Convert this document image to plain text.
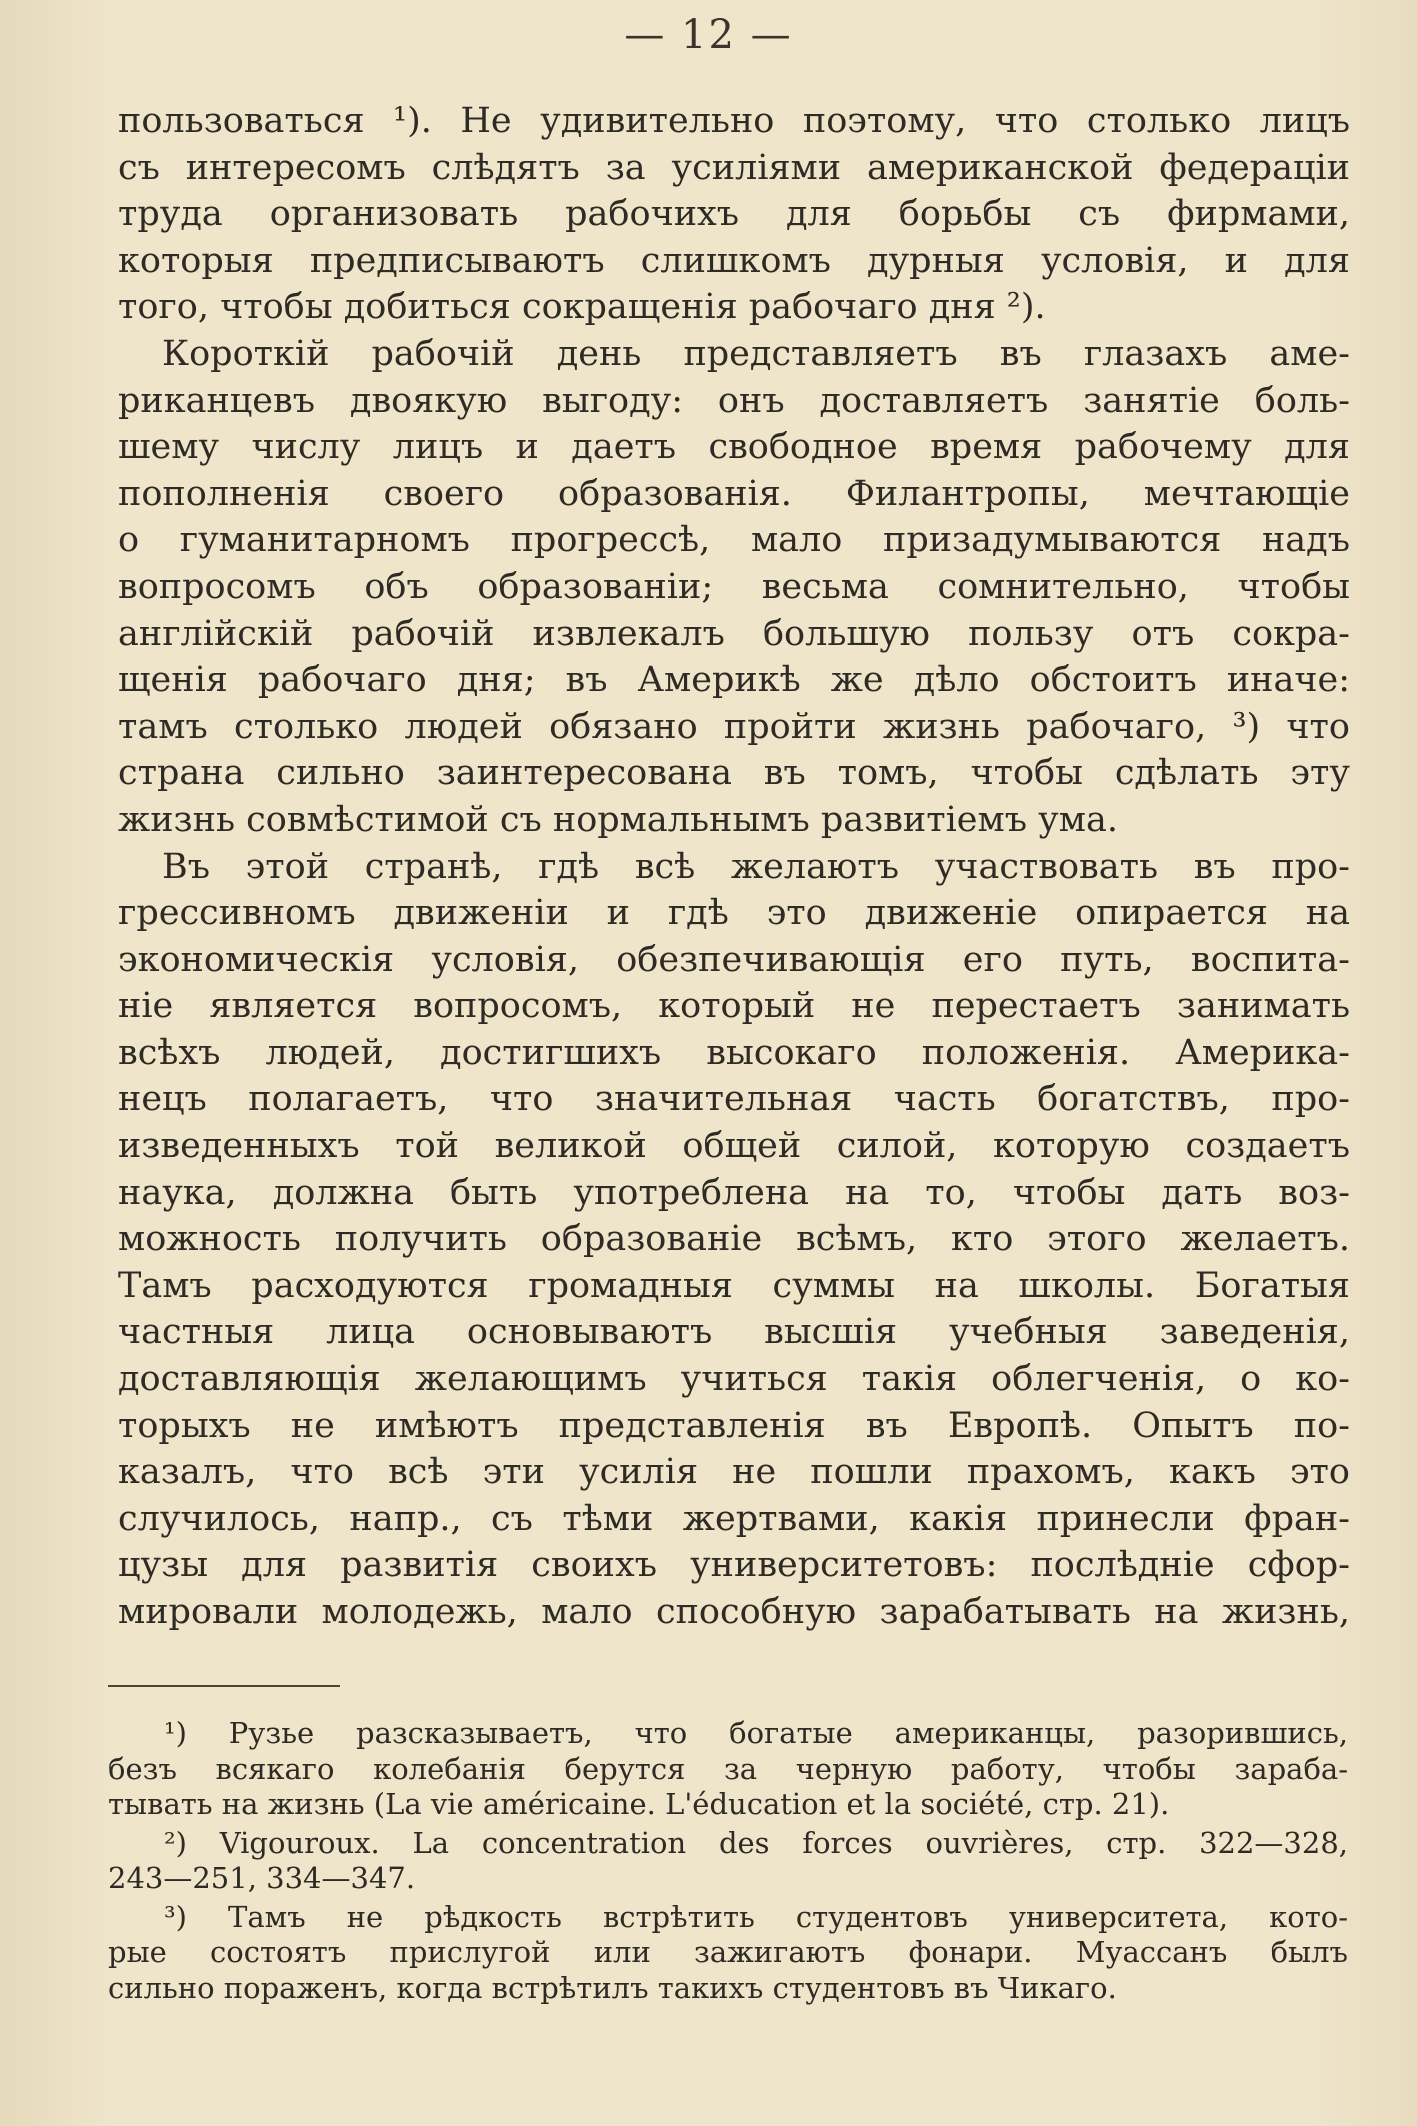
— 12 —
пользоваться ¹). Не удивительно поэтому, что столько лицъ
съ интересомъ слѣдятъ за усиліями американской федераціи
труда организовать рабочихъ для борьбы съ фирмами,
которыя предписываютъ слишкомъ дурныя условія, и для
того, чтобы добиться сокращенія рабочаго дня ²).
Короткій рабочій день представляетъ въ глазахъ аме-
риканцевъ двоякую выгоду: онъ доставляетъ занятіе боль-
шему числу лицъ и даетъ свободное время рабочему для
пополненія своего образованія. Филантропы, мечтающіе
о гуманитарномъ прогрессѣ, мало призадумываются надъ
вопросомъ объ образованіи; весьма сомнительно, чтобы
англійскій рабочій извлекалъ большую пользу отъ сокра-
щенія рабочаго дня; въ Америкѣ же дѣло обстоитъ иначе:
тамъ столько людей обязано пройти жизнь рабочаго, ³) что
страна сильно заинтересована въ томъ, чтобы сдѣлать эту
жизнь совмѣстимой съ нормальнымъ развитіемъ ума.
Въ этой странѣ, гдѣ всѣ желаютъ участвовать въ про-
грессивномъ движеніи и гдѣ это движеніе опирается на
экономическія условія, обезпечивающія его путь, воспита-
ніе является вопросомъ, который не перестаетъ занимать
всѣхъ людей, достигшихъ высокаго положенія. Америка-
нецъ полагаетъ, что значительная часть богатствъ, про-
изведенныхъ той великой общей силой, которую создаетъ
наука, должна быть употреблена на то, чтобы дать воз-
можность получить образованіе всѣмъ, кто этого желаетъ.
Тамъ расходуются громадныя суммы на школы. Богатыя
частныя лица основываютъ высшія учебныя заведенія,
доставляющія желающимъ учиться такія облегченія, о ко-
торыхъ не имѣютъ представленія въ Европѣ. Опытъ по-
казалъ, что всѣ эти усилія не пошли прахомъ, какъ это
случилось, напр., съ тѣми жертвами, какія принесли фран-
цузы для развитія своихъ университетовъ: послѣдніе сфор-
мировали молодежь, мало способную зарабатывать на жизнь,
¹) Рузье разсказываетъ, что богатые американцы, разорившись,
безъ всякаго колебанія берутся за черную работу, чтобы зараба-
тывать на жизнь (La vie américaine. L'éducation et la société, стр. 21).
²) Vigouroux. La concentration des forces ouvrières, стр. 322—328,
243—251, 334—347.
³) Тамъ не рѣдкость встрѣтить студентовъ университета, кото-
рые состоятъ прислугой или зажигаютъ фонари. Муассанъ былъ
сильно пораженъ, когда встрѣтилъ такихъ студентовъ въ Чикаго.
